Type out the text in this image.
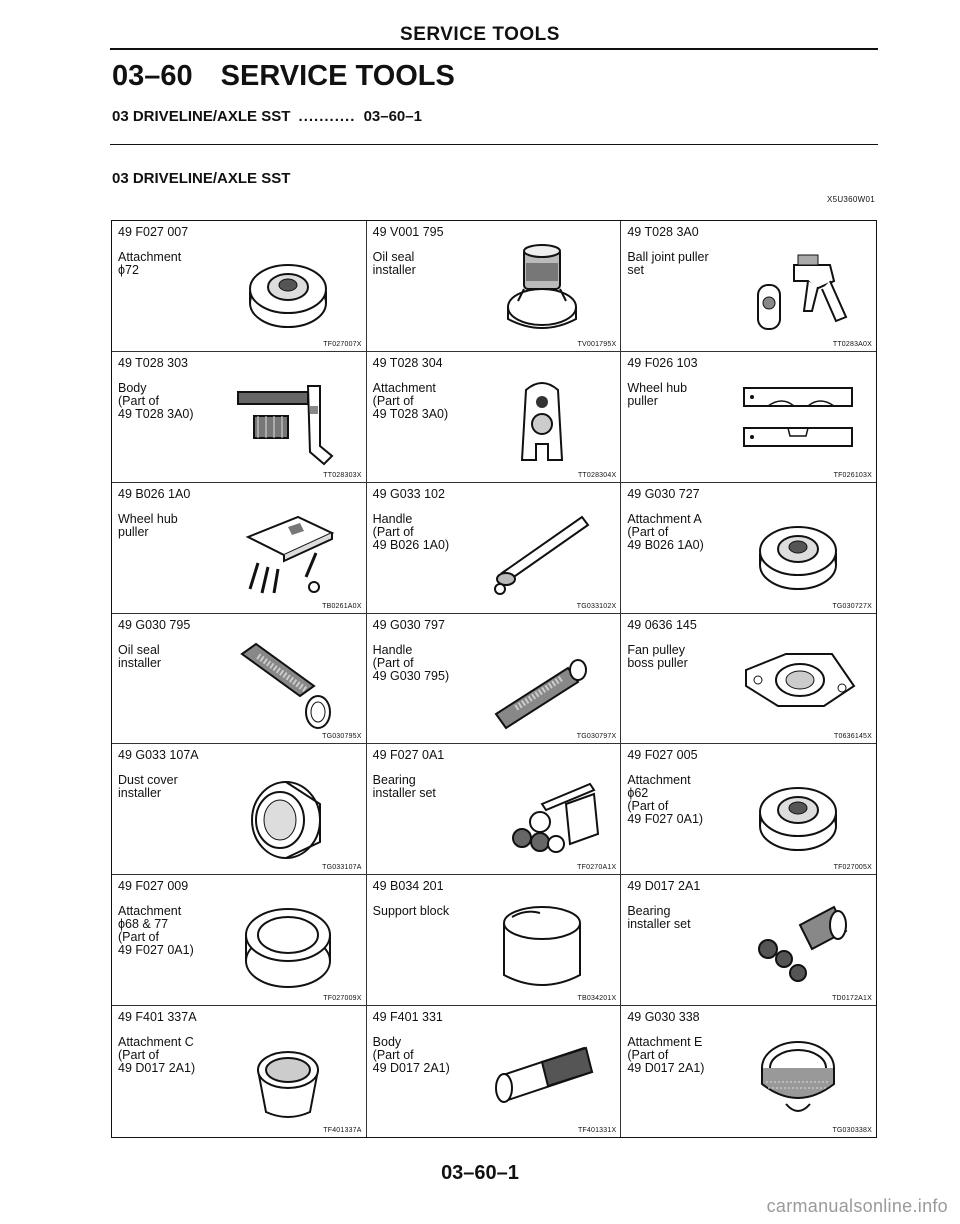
SERVICE TOOLS
03–60 SERVICE TOOLS
03 DRIVELINE/AXLE SST ........... 03–60–1
03 DRIVELINE/AXLE SST
X5U360W01
49 F027 007
Attachment
ϕ72
TF027007X
49 V001 795
Oil seal
installer
TV001795X
49 T028 3A0
Ball joint puller
set
TT0283A0X
49 T028 303
Body
(Part of
49 T028 3A0)
TT028303X
49 T028 304
Attachment
(Part of
49 T028 3A0)
TT028304X
49 F026 103
Wheel hub
puller
TF026103X
49 B026 1A0
Wheel hub
puller
TB0261A0X
49 G033 102
Handle
(Part of
49 B026 1A0)
TG033102X
49 G030 727
Attachment A
(Part of
49 B026 1A0)
TG030727X
49 G030 795
Oil seal
installer
TG030795X
49 G030 797
Handle
(Part of
49 G030 795)
TG030797X
49 0636 145
Fan pulley
boss puller
T0636145X
49 G033 107A
Dust cover
installer
TG033107A
49 F027 0A1
Bearing
installer set
TF0270A1X
49 F027 005
Attachment
ϕ62
(Part of
49 F027 0A1)
TF027005X
49 F027 009
Attachment
ϕ68 & 77
(Part of
49 F027 0A1)
TF027009X
49 B034 201
Support block
TB034201X
49 D017 2A1
Bearing
installer set
TD0172A1X
49 F401 337A
Attachment C
(Part of
49 D017 2A1)
TF401337A
49 F401 331
Body
(Part of
49 D017 2A1)
TF401331X
49 G030 338
Attachment E
(Part of
49 D017 2A1)
TG030338X
03–60–1
carmanualsonline.info
